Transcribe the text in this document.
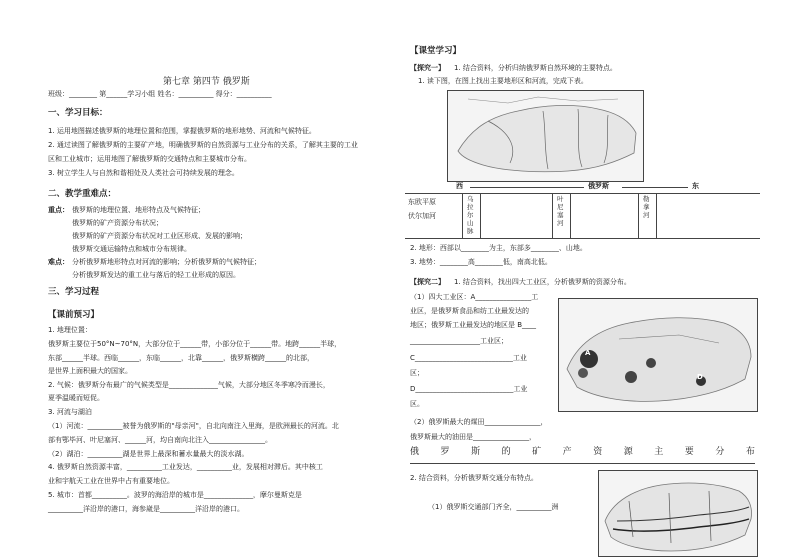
第七章 第四节 俄罗斯
班级：________ 第______学习小组 姓名：__________ 得分：__________
一、学习目标：
1. 运用地图描述俄罗斯的地理位置和范围，掌握俄罗斯的地形地势、河流和气候特征。
2. 通过读图了解俄罗斯的主要矿产地，明确俄罗斯的自然资源与工业分布的关系，了解其主要的工业
区和工业城市；运用地图了解俄罗斯的交通特点和主要城市分布。
3. 树立学生人与自然和谐相处及人类社会可持续发展的理念。
二、教学重难点：
重点： 俄罗斯的地理位置、地形特点及气候特征；
俄罗斯的矿产资源分布状况；
俄罗斯的矿产资源分布状况对工业区形成、发展的影响；
俄罗斯交通运输特点和城市分布规律。
难点： 分析俄罗斯地形特点对河流的影响；分析俄罗斯的气候特征；
分析俄罗斯发达的重工业与落后的轻工业形成的原因。
三、学习过程
【课前预习】
1. 地理位置：
俄罗斯主要位于50°N~70°N，大部分位于______带，小部分位于______带。地跨______半球，
东部______半球。西临______，东临______，北靠______，俄罗斯横跨______的北部，
是世界上面积最大的国家。
2. 气候：俄罗斯分布最广的气候类型是______________气候，大部分地区冬季寒冷而漫长，
夏季温暖而短促。
3. 河流与湖泊
（1）河流：__________被誉为俄罗斯的"母亲河"，自北向南注入里海，是欧洲最长的河流。北
部有鄂毕河、叶尼塞河、______河，均自南向北注入________________。
（2）湖泊：__________湖是世界上最深和蓄水量最大的淡水湖。
4. 俄罗斯自然资源丰富，__________工业发达，__________业，发展相对滞后。其中核工
业和宇航天工业在世界中占有重要地位。
5. 城市：首都__________。波罗的海沿岸的城市是______________，摩尔曼斯克是
__________洋沿岸的港口，海参崴是__________洋沿岸的港口。
【课堂学习】
【探究一】 1. 结合资料，分析归纳俄罗斯自然环境的主要特点。
1. 读下图，在图上找出主要地形区和河流，完成下表。
西	俄罗斯	东
东欧平原
伏尔加河
乌拉尔山脉
叶尼塞河
勒拿河
2. 地形：西部以________为主，东部多________、山地。
3. 地势：________高________低，南高北低。
【探究二】 1. 结合资料，找出四大工业区，分析俄罗斯的资源分布。
（1）四大工业区：A________________工
业区，是俄罗斯食品和纺工业最发达的
地区；俄罗斯工业最发达的地区是 B____
____________________工业区；
C____________________________工业
区；
D____________________________工业
区。
A
D
（2）俄罗斯最大的煤田________________，
俄罗斯最大的油田是________________，
俄 罗 斯 的 矿 产 资 源 主 要 分 布
2. 结合资料，分析俄罗斯交通分布特点。
（1）俄罗斯交通部门齐全，__________洲
